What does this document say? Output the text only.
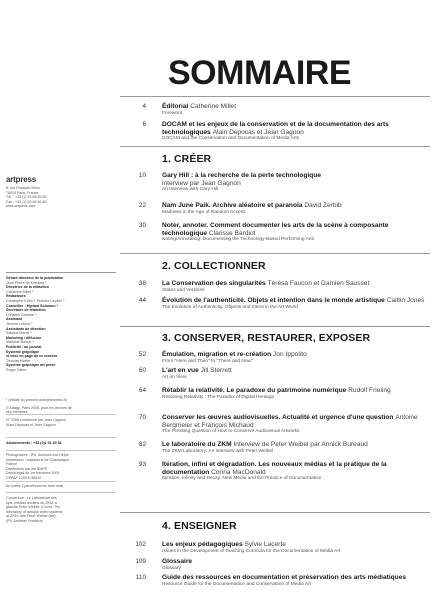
SOMMAIRE
artpress
8, rue François-Villon
75015 Paris, France.
Tél. : +33 (1) 53 68 65 65
Fax : +33 (1) 53 68 65 85
www.artpress.com
Gérant directeur de la publication
Jean-Pierre de Kerraoul *
Directrice de la rédaction
Catherine Millet *
Rédacteurs
Christophe Kihm *, Richard Leydier *
Conseiller : Myriam Solomon *
Secrétaire de rédaction
Christine Delarbe *
Assistant
Jérôme Lebrun *
Assistante de direction
Sabrina Merlet *
Marketing / diffusion
Mathilde Baccin *
Publicité : au journal
Système graphique
et mise en page de ce numéro
Thomas Kieffer
Système graphique art press
Roger Tallon
* (initiale du prénom.nom@artpress.fr)
© Adagp, Paris 2008, pour les œuvres de
ses membres
N° 2008 coordonné par Jean Gagnon,
Alain Depocas et Jean Gagnon
Abonnements : +33 (0)1 61 30 82
Photogravure : IPA, Avenues-sur-Helpe
Impression : Imprimerie de Champagne,
France
Distribution par les NMPP
Dépôt légal du 1er trimestre 2009
CPPAP 1209 K 86610
Art press 2 paraît tous les trois mois
Couverture : Le Laboratoire des
syst. médias anciens du ZKM, à
gauche Peter Weibel. (Cover: The
laboratory of antique video systems
at ZKM, with Peter Weibel (left).
(Ph. Andreas Friedrich)
4 Éditorial Catherine Millet
Foreword
6 DOCAM et les enjeux de la conservation et de la documentation des arts technologiques Alain Depocas et Jean Gagnon
DOCAM and the Conservation and Documentation of Media Arts
1. CRÉER
10 Gary Hill : à la recherche de la perte technologique
interview par Jean Gagnon
An Interview with Gary Hill
22 Nam June Paik. Archive aléatoire et paranoïa David Zerbib
Madness in the Age of Random Access
30 Noter, annoter. Comment documenter les arts de la scène à composante technologique Clarisse Bardiot
Noting/Annotating: Documenting the Technology-Based Performing Arts
2. COLLECTIONNER
38 La Conservation des singularités Térésa Faucon et Damien Sausset
States and Versions
44 Évolution de l'authenticité. Objets et intention dans le monde artistique Caitlin Jones
The Evolution of Authenticity. Objects and Intent in the Art World
3. CONSERVER, RESTAURER, EXPOSER
52 Émulation, migration et re-création Jon Ippolito
From "Here and Then" to "There and Now"
60 L'art en vue Jill Sterrett
Art on View
64 Rétablir la relativité. Le paradoxe du patrimoine numérique Rudolf Frieling
Restoring Relativity : The Paradox of Digital Heritage
70 Conserver les œuvres audiovisuelles. Actualité et urgence d'une question Antoine Bergmeier et François Michaud
The Pressing Question of How to Conserve Audiovisual Artworks
82 Le laboratoire du ZKM Interview de Peter Weibel par Annick Bureaud
The ZKM Laboratory: An interview with Peter Weibel
93 Itération, infini et dégradation. Les nouveaux médias et la pratique de la documentation Corina MacDonald
Iteration, Infinity and Decay. New Media and the Practice of Documentation
4. ENSEIGNER
102 Les enjeux pédagogiques Sylvie Lacerte
Issues in the Development of Teaching Curricula for the Documentation of Media Art
109 Glossaire
Glossary
110 Guide des ressources en documentation et préservation des arts médiatiques
Resource Guide for the Documentation and Conservation of Media Art
